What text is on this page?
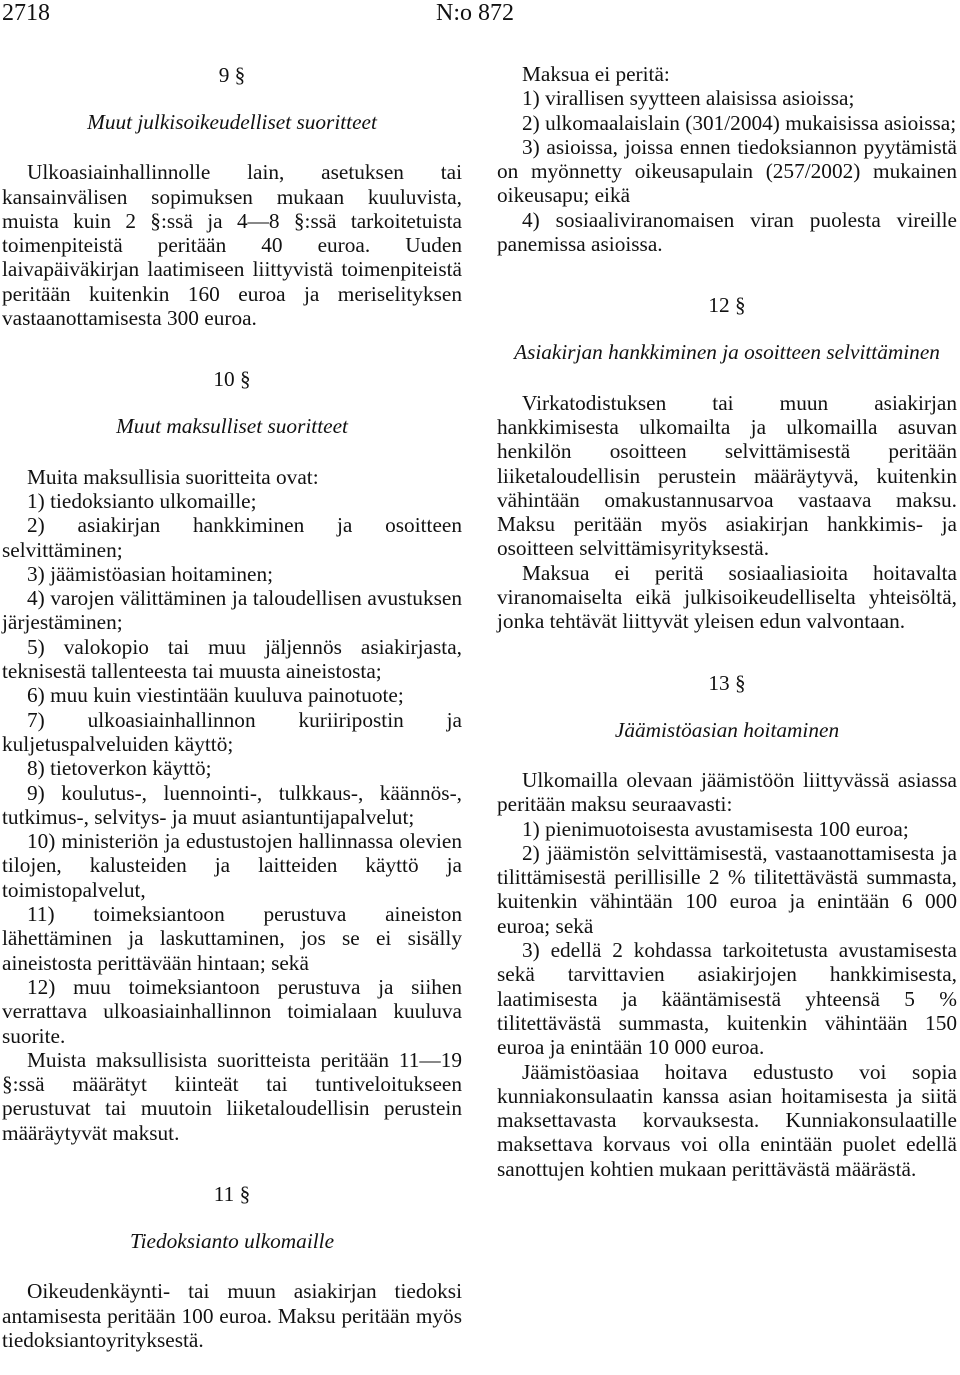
2718	N:o 872

9 §

Muut julkisoikeudelliset suoritteet

Ulkoasiainhallinnolle lain, asetuksen tai kansainvälisen sopimuksen mukaan kuuluvista, muista kuin 2 §:ssä ja 4—8 §:ssä tarkoitetuista toimenpiteistä peritään 40 euroa. Uuden laivapäiväkirjan laatimiseen liittyvistä toimenpiteistä peritään kuitenkin 160 euroa ja meriselityksen vastaanottamisesta 300 euroa.

10 §

Muut maksulliset suoritteet

Muita maksullisia suoritteita ovat:

1) tiedoksianto ulkomaille;

2) asiakirjan hankkiminen ja osoitteen selvittäminen;

3) jäämistöasian hoitaminen;

4) varojen välittäminen ja taloudellisen avustuksen järjestäminen;

5) valokopio tai muu jäljennös asiakirjasta, teknisestä tallenteesta tai muusta aineistosta;

6) muu kuin viestintään kuuluva painotuote;

7) ulkoasiainhallinnon kuriiripostin ja kuljetuspalveluiden käyttö;

8) tietoverkon käyttö;

9) koulutus-, luennointi-, tulkkaus-, käännös-, tutkimus-, selvitys- ja muut asiantuntijapalvelut;

10) ministeriön ja edustustojen hallinnassa olevien tilojen, kalusteiden ja laitteiden käyttö ja toimistopalvelut,

11) toimeksiantoon perustuva aineiston lähettäminen ja laskuttaminen, jos se ei sisälly aineistosta perittävään hintaan; sekä

12) muu toimeksiantoon perustuva ja siihen verrattava ulkoasiainhallinnon toimialaan kuuluva suorite.

Muista maksullisista suoritteista peritään 11—19 §:ssä määrätyt kiinteät tai tuntiveloitukseen perustuvat tai muutoin liiketaloudellisin perustein määräytyvät maksut.

11 §

Tiedoksianto ulkomaille

Oikeudenkäynti- tai muun asiakirjan tiedoksi antamisesta peritään 100 euroa. Maksu peritään myös tiedoksiantoyrityksestä.

Maksua ei peritä:

1) virallisen syytteen alaisissa asioissa;

2) ulkomaalaislain (301/2004) mukaisissa asioissa;

3) asioissa, joissa ennen tiedoksiannon pyytämistä on myönnetty oikeusapulain (257/2002) mukainen oikeusapu; eikä

4) sosiaaliviranomaisen viran puolesta vireille panemissa asioissa.

12 §

Asiakirjan hankkiminen ja osoitteen selvittäminen

Virkatodistuksen tai muun asiakirjan hankkimisesta ulkomailta ja ulkomailla asuvan henkilön osoitteen selvittämisestä peritään liiketaloudellisin perustein määräytyvä, kuitenkin vähintään omakustannusarvoa vastaava maksu. Maksu peritään myös asiakirjan hankkimis- ja osoitteen selvittämisyrityksestä.

Maksua ei peritä sosiaaliasioita hoitavalta viranomaiselta eikä julkisoikeudelliselta yhteisöltä, jonka tehtävät liittyvät yleisen edun valvontaan.

13 §

Jäämistöasian hoitaminen

Ulkomailla olevaan jäämistöön liittyvässä asiassa peritään maksu seuraavasti:

1) pienimuotoisesta avustamisesta 100 euroa;

2) jäämistön selvittämisestä, vastaanottamisesta ja tilittämisestä perillisille 2 % tilitettävästä summasta, kuitenkin vähintään 100 euroa ja enintään 6 000 euroa; sekä

3) edellä 2 kohdassa tarkoitetusta avustamisesta sekä tarvittavien asiakirjojen hankkimisesta, laatimisesta ja kääntämisestä yhteensä 5 % tilitettävästä summasta, kuitenkin vähintään 150 euroa ja enintään 10 000 euroa.

Jäämistöasiaa hoitava edustusto voi sopia kunniakonsulaatin kanssa asian hoitamisesta ja siitä maksettavasta korvauksesta. Kunniakonsulaatille maksettava korvaus voi olla enintään puolet edellä sanottujen kohtien mukaan perittävästä määrästä.
